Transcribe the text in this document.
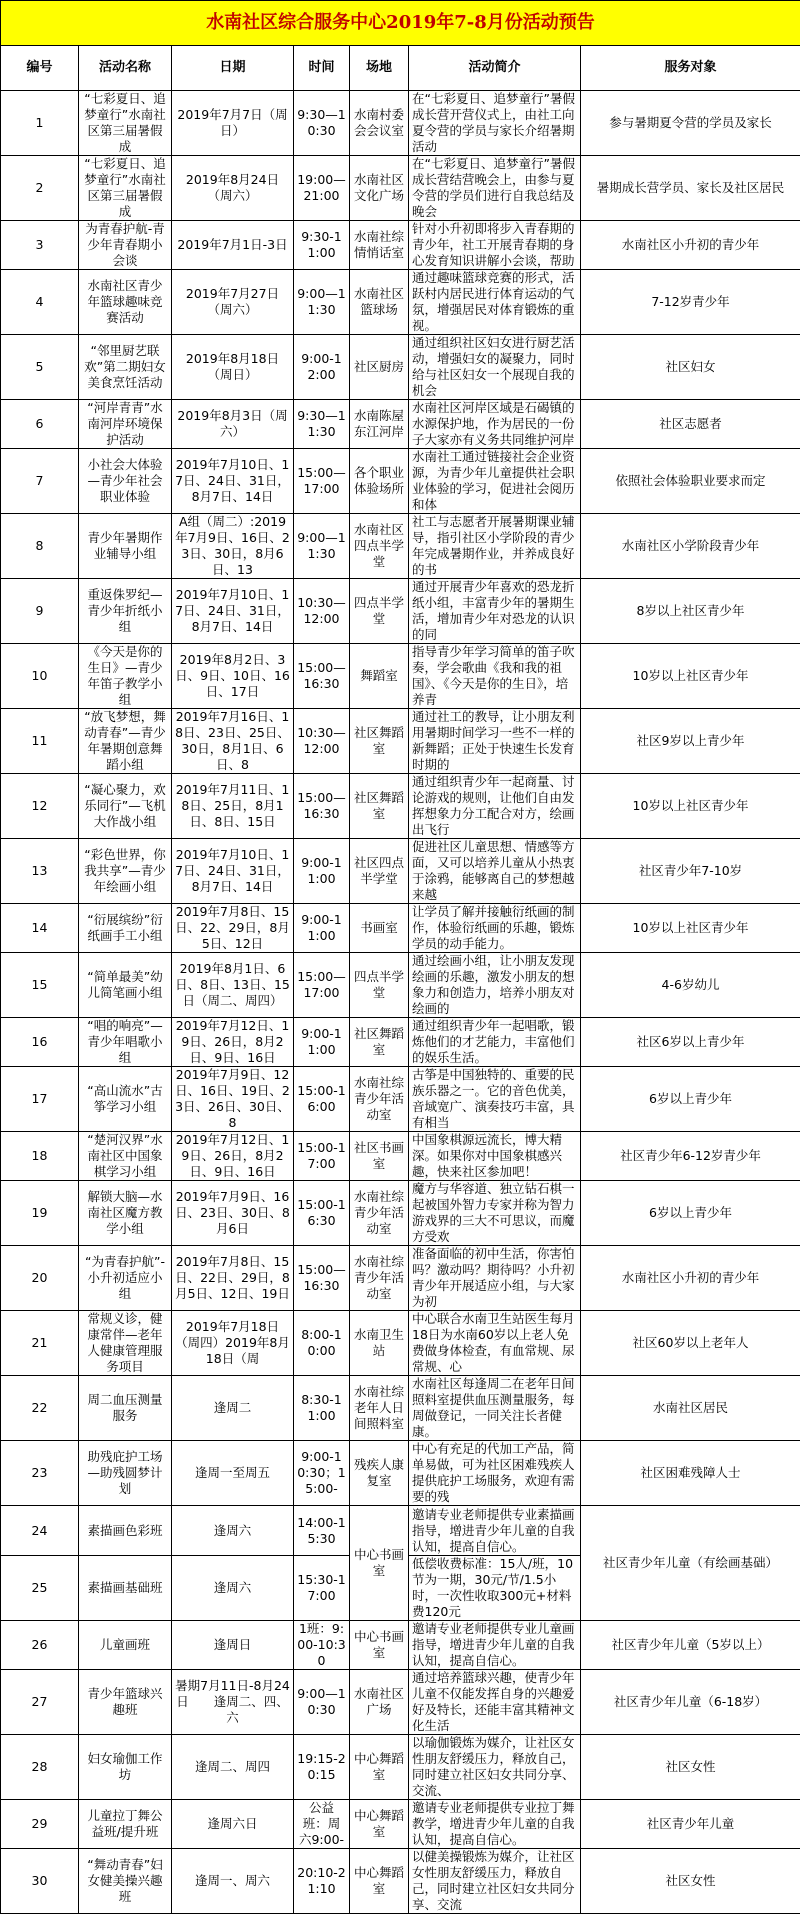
水南社区综合服务中心2019年7-8月份活动预告						
编号	活动名称	日期	时间	场地	活动简介	服务对象
1	“七彩夏日、追梦童行”水南社区第三届暑假成	2019年7月7日（周日）	9:30—10:30	水南村委会会议室	在“七彩夏日、追梦童行”暑假成长营开营仪式上，由社工向夏令营的学员与家长介绍暑期活动	参与暑期夏令营的学员及家长
2	“七彩夏日、追梦童行”水南社区第三届暑假成	2019年8月24日（周六）	19:00—21:00	水南社区文化广场	在“七彩夏日、追梦童行”暑假成长营结营晚会上，由参与夏令营的学员们进行自我总结及晚会	暑期成长营学员、家长及社区居民
3	为青春护航-青少年青春期小会谈	2019年7月1日-3日	9:30-11:00	水南社综情悄话室	针对小升初即将步入青春期的青少年，社工开展青春期的身心发育知识讲解小会谈，帮助	水南社区小升初的青少年
4	水南社区青少年篮球趣味竞赛活动	2019年7月27日（周六）	9:00—11:30	水南社区篮球场	通过趣味篮球竞赛的形式，活跃村内居民进行体育运动的气氛，增强居民对体育锻炼的重视。	7-12岁青少年
5	“邻里厨艺联欢”第二期妇女美食烹饪活动	2019年8月18日（周日）	9:00-12:00	社区厨房	通过组织社区妇女进行厨艺活动，增强妇女的凝聚力，同时给与社区妇女一个展现自我的机会	社区妇女
6	“河岸青青”水南河岸环境保护活动	2019年8月3日（周六）	9:30—11:30	水南陈屋东江河岸	水南社区河岸区域是石碣镇的水源保护地，作为居民的一份子大家亦有义务共同维护河岸	社区志愿者
7	小社会大体验—青少年社会职业体验	2019年7月10日、17日、24日、31日，8月7日、14日	15:00—17:00	各个职业体验场所	水南社工通过链接社会企业资源，为青少年儿童提供社会职业体验的学习，促进社会阅历和体	依照社会体验职业要求而定
8	青少年暑期作业辅导小组	A组（周二）:2019年7月9日、16日、23日、30日，8月6日、13	9:00—11:30	水南社区四点半学堂	社工与志愿者开展暑期课业辅导，指引社区小学阶段的青少年完成暑期作业，并养成良好的书	水南社区小学阶段青少年
9	重返侏罗纪—青少年折纸小组	2019年7月10日、17日、24日、31日，8月7日、14日	10:30—12:00	四点半学堂	通过开展青少年喜欢的恐龙折纸小组，丰富青少年的暑期生活，增加青少年对恐龙的认识的同	8岁以上社区青少年
10	《今天是你的生日》—青少年笛子教学小组	2019年8月2日、3日、9日、10日、16日、17日	15:00—16:30	舞蹈室	指导青少年学习简单的笛子吹奏，学会歌曲《我和我的祖国》、《今天是你的生日》，培养青	10岁以上社区青少年
11	“放飞梦想，舞动青春”—青少年暑期创意舞蹈小组	2019年7月16日、18日、23日、25日、30日，8月1日、6日、8	10:30—12:00	社区舞蹈室	通过社工的教导，让小朋友利用暑期时间学习一些不一样的新舞蹈；正处于快速生长发育时期的	社区9岁以上青少年
12	“凝心聚力，欢乐同行”—飞机大作战小组	2019年7月11日、18日、25日，8月1日、8日、15日	15:00—16:30	社区舞蹈室	通过组织青少年一起商量、讨论游戏的规则，让他们自由发挥想象力分工配合对方，绘画出飞行	10岁以上社区青少年
13	“彩色世界，你我共享”—青少年绘画小组	2019年7月10日、17日、24日、31日，8月7日、14日	9:00-11:00	社区四点半学堂	促进社区儿童思想、情感等方面，又可以培养儿童从小热衷于涂鸦，能够离自己的梦想越来越	社区青少年7-10岁
14	“衍展缤纷”衍纸画手工小组	2019年7月8日、15日、22、29日，8月5日、12日	9:00-11:00	书画室	让学员了解并接触衍纸画的制作，体验衍纸画的乐趣，锻炼学员的动手能力。	10岁以上社区青少年
15	“简单最美”幼儿简笔画小组	2019年8月1日、6日、8日、13日、15日（周二、周四）	15:00—17:00	四点半学堂	通过绘画小组，让小朋友发现绘画的乐趣，激发小朋友的想象力和创造力，培养小朋友对绘画的	4-6岁幼儿
16	“唱的响亮”—青少年唱歌小组	2019年7月12日、19日、26日，8月2日、9日、16日	9:00-11:00	社区舞蹈室	通过组织青少年一起唱歌，锻炼他们的才艺能力，丰富他们的娱乐生活。	社区6岁以上青少年
17	“高山流水”古筝学习小组	2019年7月9日、12日、16日、19日、23日、26日、30日、8	15:00-16:00	水南社综青少年活动室	古筝是中国独特的、重要的民族乐器之一。它的音色优美，音域宽广、演奏技巧丰富，具有相当	6岁以上青少年
18	“楚河汉界”水南社区中国象棋学习小组	2019年7月12日、19日、26日，8月2日、9日、16日	15:00-17:00	社区书画室	中国象棋源远流长，博大精深。如果你对中国象棋感兴趣，快来社区参加吧！	社区青少年6-12岁青少年
19	解锁大脑—水南社区魔方教学小组	2019年7月9日、16日、23日、30日、8月6日	15:00-16:30	水南社综青少年活动室	魔方与华容道、独立钻石棋一起被国外智力专家并称为智力游戏界的三大不可思议，而魔方受欢	6岁以上青少年
20	“为青春护航”-小升初适应小组	2019年7月8日、15日、22日、29日，8月5日、12日、19日	15:00—16:30	水南社综青少年活动室	准备面临的初中生活，你害怕吗？激动吗？期待吗？小升初青少年开展适应小组，与大家为初	水南社区小升初的青少年
21	常规义诊，健康常伴—老年人健康管理服务项目	2019年7月18日（周四）2019年8月18日（周	8:00-10:00	水南卫生站	中心联合水南卫生站医生每月18日为水南60岁以上老人免费做身体检查，有血常规、尿常规、心	社区60岁以上老年人
22	周二血压测量服务	逢周二	8:30-11:00	水南社综老年人日间照料室	水南社区每逢周二在老年日间照料室提供血压测量服务，每周做登记，一同关注长者健康。	水南社区居民
23	助残庇护工场—助残圆梦计划	逢周一至周五	9:00-10:30；15:00-	残疾人康复室	中心有充足的代加工产品，简单易做，可为社区困难残疾人提供庇护工场服务，欢迎有需要的残	社区困难残障人士
24	素描画色彩班	逢周六	14:00-15:30	中心书画室	邀请专业老师提供专业素描画指导，增进青少年儿童的自我认知，提高自信心。	社区青少年儿童（有绘画基础）
25	素描画基础班	逢周六	15:30-17:00		低偿收费标准：15人/班，10节为一期，30元/节/1.5小时，一次性收取300元+材料费120元	
26	儿童画班	逢周日	1班：9:00-10:30	中心书画室	邀请专业老师提供专业儿童画指导，增进青少年儿童的自我认知，提高自信心。	社区青少年儿童（5岁以上）
27	青少年篮球兴趣班	暑期7月11日-8月24日　　逢周二、四、六	9:00—10:30	水南社区广场	通过培养篮球兴趣，使青少年儿童不仅能发挥自身的兴趣爱好及特长，还能丰富其精神文化生活	社区青少年儿童（6-18岁）
28	妇女瑜伽工作坊	逢周二、周四	19:15-20:15	中心舞蹈室	以瑜伽锻炼为媒介，让社区女性朋友舒缓压力，释放自己，同时建立社区妇女共同分享、交流、	社区女性
29	儿童拉丁舞公益班/提升班	逢周六日	公益班：周六9:00-	中心舞蹈室	邀请专业老师提供专业拉丁舞教学，增进青少年儿童的自我认知，提高自信心。	社区青少年儿童
30	“舞动青春”妇女健美操兴趣班	逢周一、周六	20:10-21:10	中心舞蹈室	以健美操锻炼为媒介，让社区女性朋友舒缓压力，释放自己，同时建立社区妇女共同分享、交流	社区女性
